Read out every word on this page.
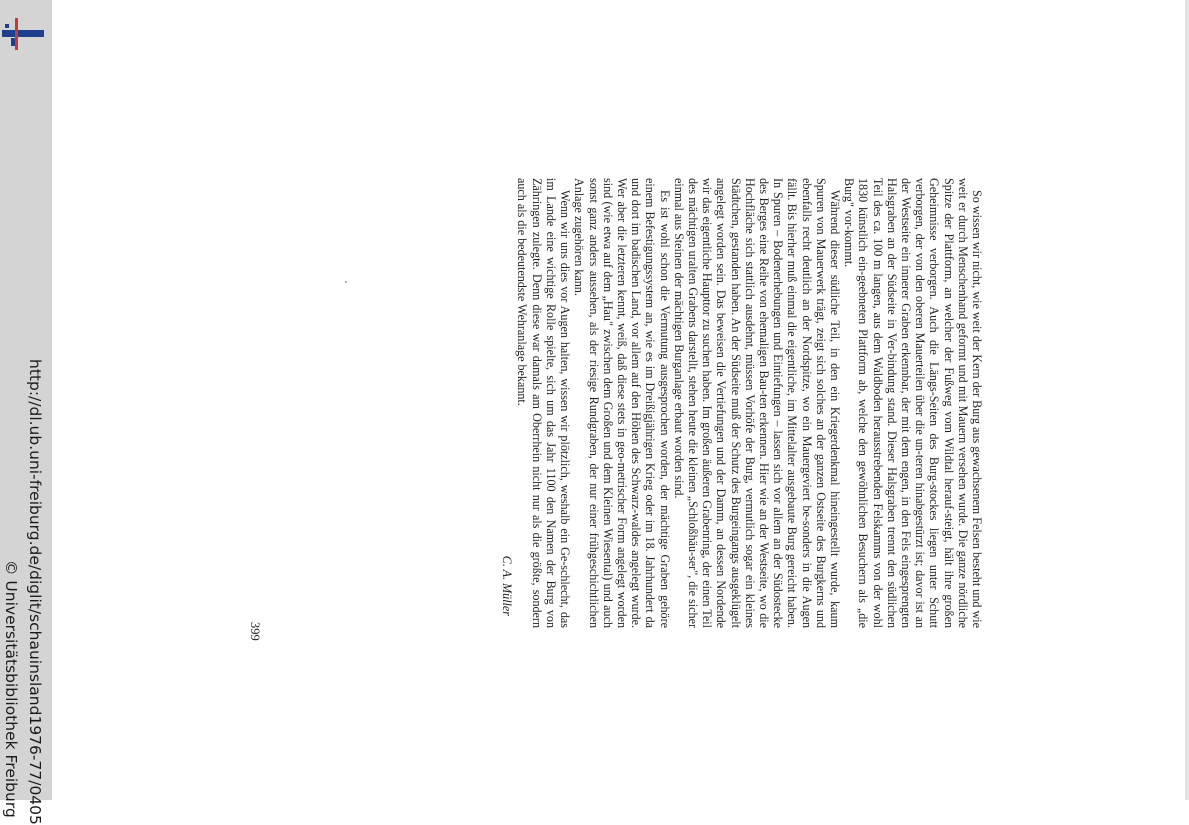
http://dl.ub.uni-freiburg.de/diglit/schauinsland1976-77/0405
© Universitätsbibliothek Freiburg

So wissen wir nicht, wie weit der Kern der Burg aus gewachsenem Felsen besteht und wie weit er durch Menschenhand geformt und mit Mauern versehen wurde. Die ganze nördliche Spitze der Plattform, an welcher der Fußweg vom Wildtal herauf-steigt, hält ihre großen Geheimnisse verborgen. Auch die Längs-Seiten des Burg-stockes liegen unter Schutt verborgen, der von den oberen Mauerteilen über die un-teren hinabgestürzt ist; davor ist an der Westseite ein innerer Graben erkennbar, der mit dem engen, in den Fels eingesprengten Halsgraben an der Südseite in Ver-bindung stand. Dieser Halsgraben trennt den südlichen Teil des ca. 100 m langen, aus dem Waldboden herausstrebenden Felskamms von der wohl 1830 künstlich ein-geebneten Plattform ab, welche den gewöhnlichen Besuchern als „die Burg" vor-kommt.

Während dieser südliche Teil, in den ein Kriegerdenkmal hineingestellt wurde, kaum Spuren von Mauerwerk trägt, zeigt sich solches an der ganzen Ostseite des Burgkerns und ebenfalls recht deutlich an der Nordspitze, wo ein Mauergeviert be-sonders in die Augen fällt. Bis hierher muß einmal die eigentliche, im Mittelalter ausgebaute Burg gereicht haben. In Spuren – Bodenerhebungen und Eintiefungen – lassen sich vor allem an der Südostecke des Berges eine Reihe von ehemaligen Bau-ten erkennen. Hier wie an der Westseite, wo die Hochfläche sich stattlich ausdehnt, müssen Vorhöfe der Burg, vermutlich sogar ein kleines Städtchen, gestanden haben. An der Südseite muß der Schutz des Burgeingangs ausgeklügelt angelegt worden sein. Das beweisen die Vertiefungen und der Damm, an dessen Nordende wir das eigentliche Haupttor zu suchen haben. Im großen äußeren Grabenring, der einen Teil des mächtigen uralten Grabens darstellt, stehen heute die kleinen „Schloßhäu-ser", die sicher einmal aus Steinen der mächtigen Burganlage erbaut worden sind.

Es ist wohl schon die Vermutung ausgesprochen worden, der mächtige Graben gehöre einem Befestigungssystem an, wie es im Dreißigjährigen Krieg oder im 18. Jahrhundert da und dort im badischen Land, vor allem auf den Höhen des Schwarz-waldes angelegt wurde. Wer aber die letzteren kennt, weiß, daß diese stets in geo-metrischer Form angelegt worden sind (wie etwa auf dem „Hau" zwischen dem Großen und dem Kleinen Wiesental) und auch sonst ganz anders aussehen, als der riesige Rundgraben, der nur einer frühgeschichtlichen Anlage zugehören kann.

Wenn wir uns dies vor Augen halten, wissen wir plötzlich, weshalb ein Ge-schlecht, das im Lande eine wichtige Rolle spielte, sich um das Jahr 1100 den Namen der Burg von Zähringen zulegte. Denn diese war damals am Oberrhein nicht nur als die größte, sondern auch als die bedeutendste Wehranlage bekannt.

C. A. Müller
399
